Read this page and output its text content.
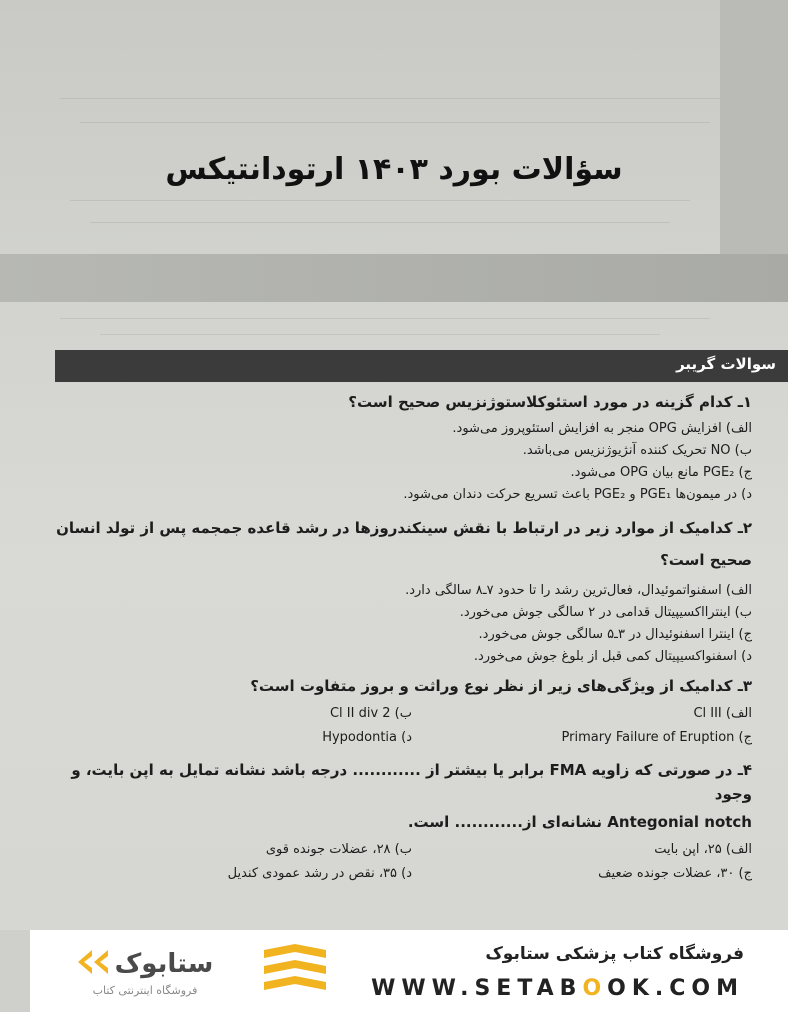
سؤالات بورد ۱۴۰۳ ارتودانتیکس
سوالات گریبر

۱ـ کدام گزینه در مورد استئوکلاستوژنزیس صحیح است؟

الف) افزایش OPG منجر به افزایش استئوپروز می‌شود.

ب) NO تحریک کننده آنژیوژنزیس می‌باشد.

ج) PGE₂ مانع بیان OPG می‌شود.

د) در میمون‌ها PGE₁ و PGE₂ باعث تسریع حرکت دندان می‌شود.

۲ـ کدامیک از موارد زیر در ارتباط با نقش سینکندروزها در رشد قاعده جمجمه پس از تولد انسان صحیح است؟

الف) اسفنواتموئیدال، فعال‌ترین رشد را تا حدود ۷ـ۸ سالگی دارد.

ب) اینترااکسیپیتال قدامی در ۲ سالگی جوش می‌خورد.

ج) اینترا اسفنوئیدال در ۳ـ۵ سالگی جوش می‌خورد.

د) اسفنواکسیپیتال کمی قبل از بلوغ جوش می‌خورد.

۳ـ کدامیک از ویژگی‌های زیر از نظر نوع وراثت و بروز متفاوت است؟

الف) Cl III
ب) Cl II div 2
ج) Primary Failure of Eruption
د) Hypodontia

۴ـ در صورتی که زاویه FMA برابر یا بیشتر از ............ درجه باشد نشانه تمایل به اپن بایت، و وجود

Antegonial notch نشانه‌ای از............ است.

الف) ۲۵، اپن بایت
ب) ۲۸، عضلات جونده قوی
ج) ۳۰، عضلات جونده ضعیف
د) ۳۵، نقص در رشد عمودی کندیل
ستابوک
فروشگاه اینترنتی کتاب
فروشگاه کتاب پزشکی ستابوک
WWW.SETABOOK.COM
